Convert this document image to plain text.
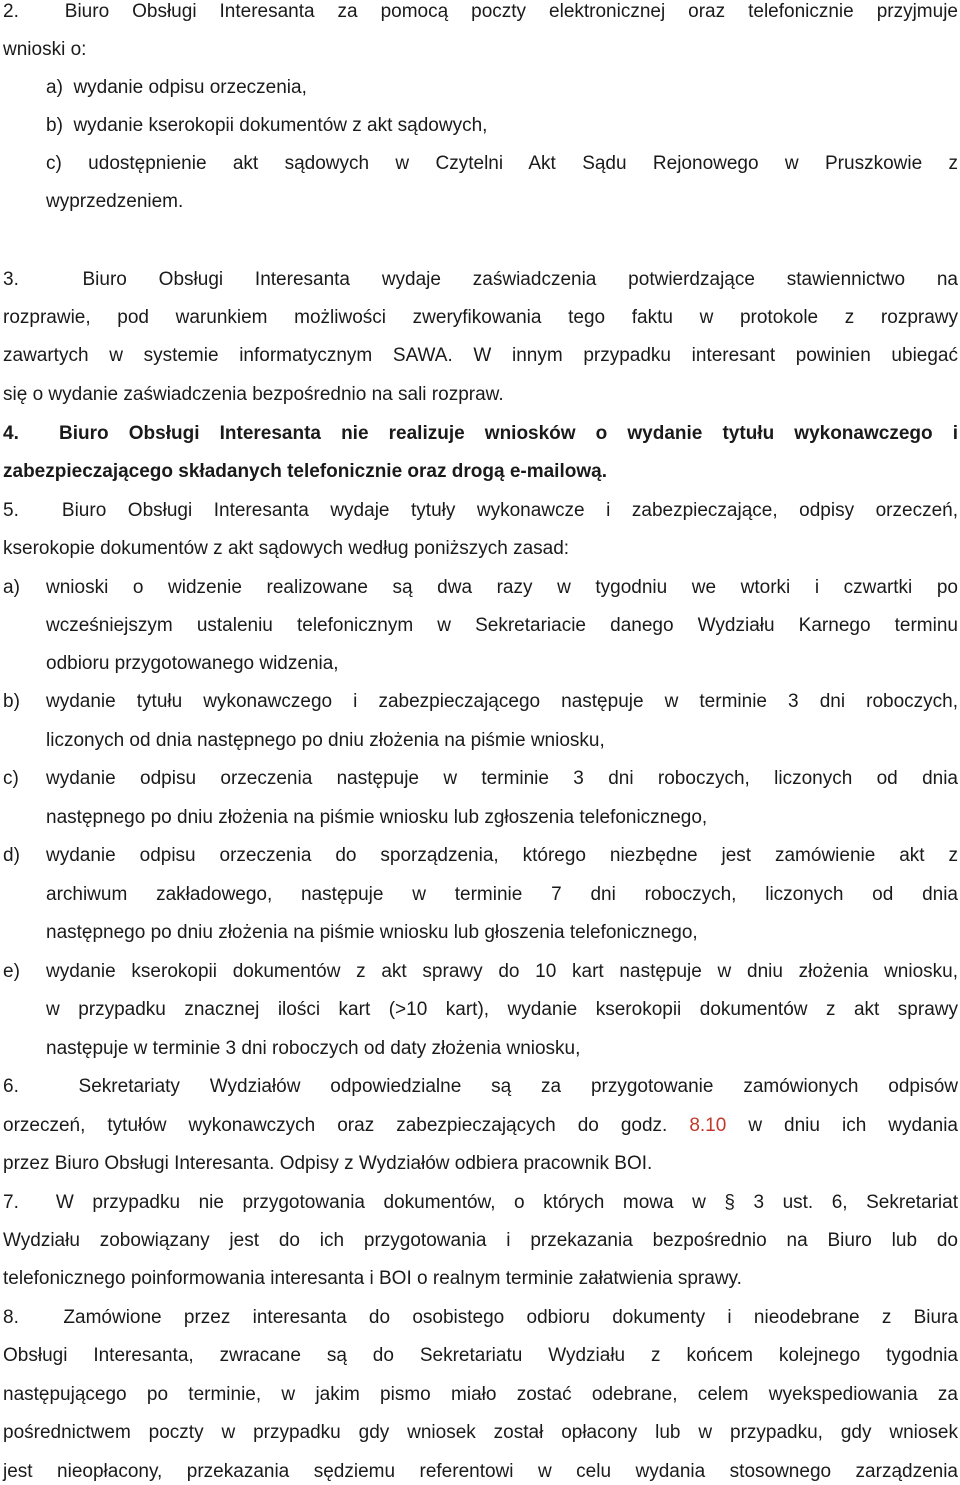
2.  Biuro Obsługi Interesanta za pomocą poczty elektronicznej oraz telefonicznie przyjmuje
wnioski o:
a)  wydanie odpisu orzeczenia,
b)  wydanie kserokopii dokumentów z akt sądowych,
c) udostępnienie akt sądowych w Czytelni Akt Sądu Rejonowego w Pruszkowie z
wyprzedzeniem.
3.  Biuro Obsługi Interesanta wydaje zaświadczenia potwierdzające stawiennictwo na
rozprawie, pod warunkiem możliwości zweryfikowania tego faktu w protokole z rozprawy
zawartych w systemie informatycznym SAWA. W innym przypadku interesant powinien ubiegać
się o wydanie zaświadczenia bezpośrednio na sali rozpraw.
4.  Biuro Obsługi Interesanta nie realizuje wniosków o wydanie tytułu wykonawczego i
zabezpieczającego składanych telefonicznie oraz drogą e-mailową.
5.  Biuro Obsługi Interesanta wydaje tytuły wykonawcze i zabezpieczające, odpisy orzeczeń,
kserokopie dokumentów z akt sądowych według poniższych zasad:
a)	wnioski o widzenie realizowane są dwa razy w tygodniu we wtorki i czwartki po
wcześniejszym ustaleniu telefonicznym w Sekretariacie danego Wydziału Karnego terminu
odbioru przygotowanego widzenia,
b)	wydanie tytułu wykonawczego i zabezpieczającego następuje w terminie 3 dni roboczych,
liczonych od dnia następnego po dniu złożenia na piśmie wniosku,
c)	wydanie odpisu orzeczenia następuje w terminie 3 dni roboczych, liczonych od dnia
następnego po dniu złożenia na piśmie wniosku lub zgłoszenia telefonicznego,
d)	wydanie odpisu orzeczenia do sporządzenia, którego niezbędne jest zamówienie akt z
archiwum zakładowego, następuje w terminie 7 dni roboczych, liczonych od dnia
następnego po dniu złożenia na piśmie wniosku lub głoszenia telefonicznego,
e)	wydanie kserokopii dokumentów z akt sprawy do 10 kart następuje w dniu złożenia wniosku,
w przypadku znacznej ilości kart (>10 kart), wydanie kserokopii dokumentów z akt sprawy
następuje w terminie 3 dni roboczych od daty złożenia wniosku,
6.  Sekretariaty Wydziałów odpowiedzialne są za przygotowanie zamówionych odpisów
orzeczeń, tytułów wykonawczych oraz zabezpieczających do godz. 8.10 w dniu ich wydania
przez Biuro Obsługi Interesanta. Odpisy z Wydziałów odbiera pracownik BOI.
7.  W przypadku nie przygotowania dokumentów, o których mowa w § 3 ust. 6, Sekretariat
Wydziału zobowiązany jest do ich przygotowania i przekazania bezpośrednio na Biuro lub do
telefonicznego poinformowania interesanta i BOI o realnym terminie załatwienia sprawy.
8.  Zamówione przez interesanta do osobistego odbioru dokumenty i nieodebrane z Biura
Obsługi Interesanta, zwracane są do Sekretariatu Wydziału z końcem kolejnego tygodnia
następującego po terminie, w jakim pismo miało zostać odebrane, celem wyekspediowania za
pośrednictwem poczty w przypadku gdy wniosek został opłacony lub w przypadku, gdy wniosek
jest nieopłacony, przekazania sędziemu referentowi w celu wydania stosownego zarządzenia
